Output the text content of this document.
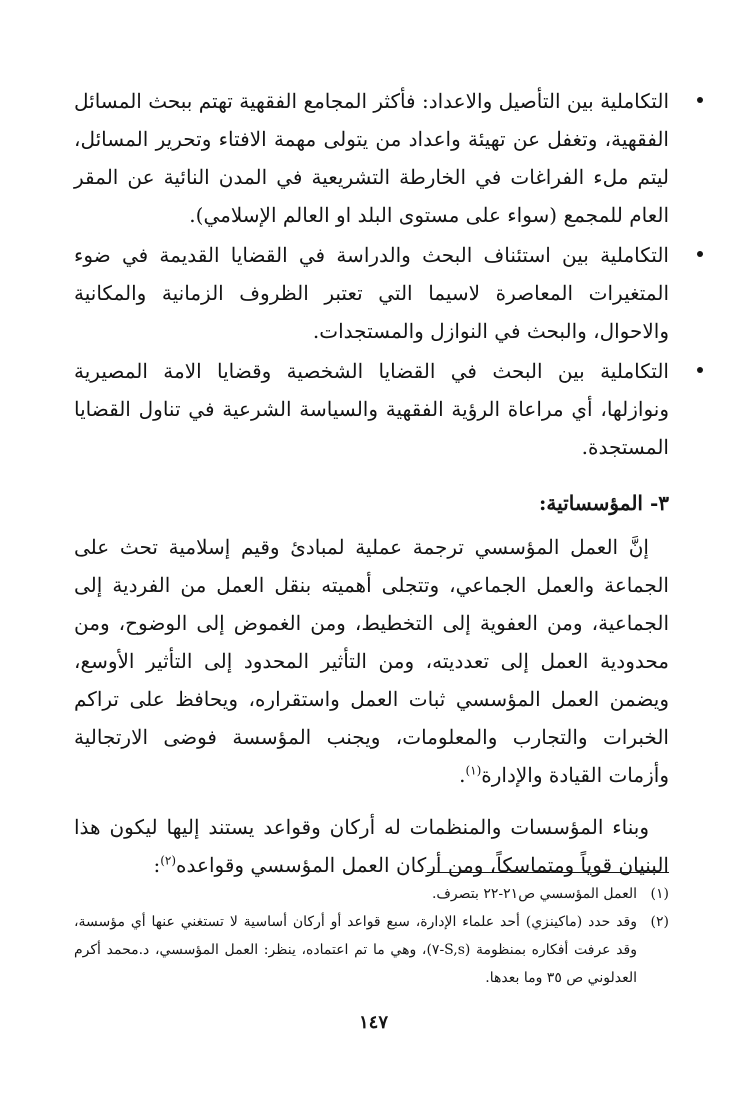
التكاملية بين التأصيل والاعداد: فأكثر المجامع الفقهية تهتم ببحث المسائل الفقهية، وتغفل عن تهيئة واعداد من يتولى مهمة الافتاء وتحرير المسائل، ليتم ملء الفراغات في الخارطة التشريعية في المدن النائية عن المقر العام للمجمع (سواء على مستوى البلد او العالم الإسلامي).
التكاملية بين استئناف البحث والدراسة في القضايا القديمة في ضوء المتغيرات المعاصرة لاسيما التي تعتبر الظروف الزمانية والمكانية والاحوال، والبحث في النوازل والمستجدات.
التكاملية بين البحث في القضايا الشخصية وقضايا الامة المصيرية ونوازلها، أي مراعاة الرؤية الفقهية والسياسة الشرعية في تناول القضايا المستجدة.
٣- المؤسساتية:

إنَّ العمل المؤسسي ترجمة عملية لمبادئ وقيم إسلامية تحث على الجماعة والعمل الجماعي، وتتجلى أهميته بنقل العمل من الفردية إلى الجماعية، ومن العفوية إلى التخطيط، ومن الغموض إلى الوضوح، ومن محدودية العمل إلى تعدديته، ومن التأثير المحدود إلى التأثير الأوسع، ويضمن العمل المؤسسي ثبات العمل واستقراره، ويحافظ على تراكم الخبرات والتجارب والمعلومات، ويجنب المؤسسة فوضى الارتجالية وأزمات القيادة والإدارة$^{(١)}$.

وبناء المؤسسات والمنظمات له أركان وقواعد يستند إليها ليكون هذا البنيان قوياً ومتماسكاً، ومن أركان العمل المؤسسي وقواعده$^{(٢)}$:

(١)
العمل المؤسسي ص٢١-٢٢ بتصرف.
(٢)
وقد حدد (ماكينزي) أحد علماء الإدارة، سبع قواعد أو أركان أساسية لا تستغني عنها أي مؤسسة، وقد عرفت أفكاره بمنظومة (S,s-٧)، وهي ما تم اعتماده، ينظر: العمل المؤسسي، د.محمد أكرم العدلوني ص ٣٥ وما بعدها.
١٤٧
